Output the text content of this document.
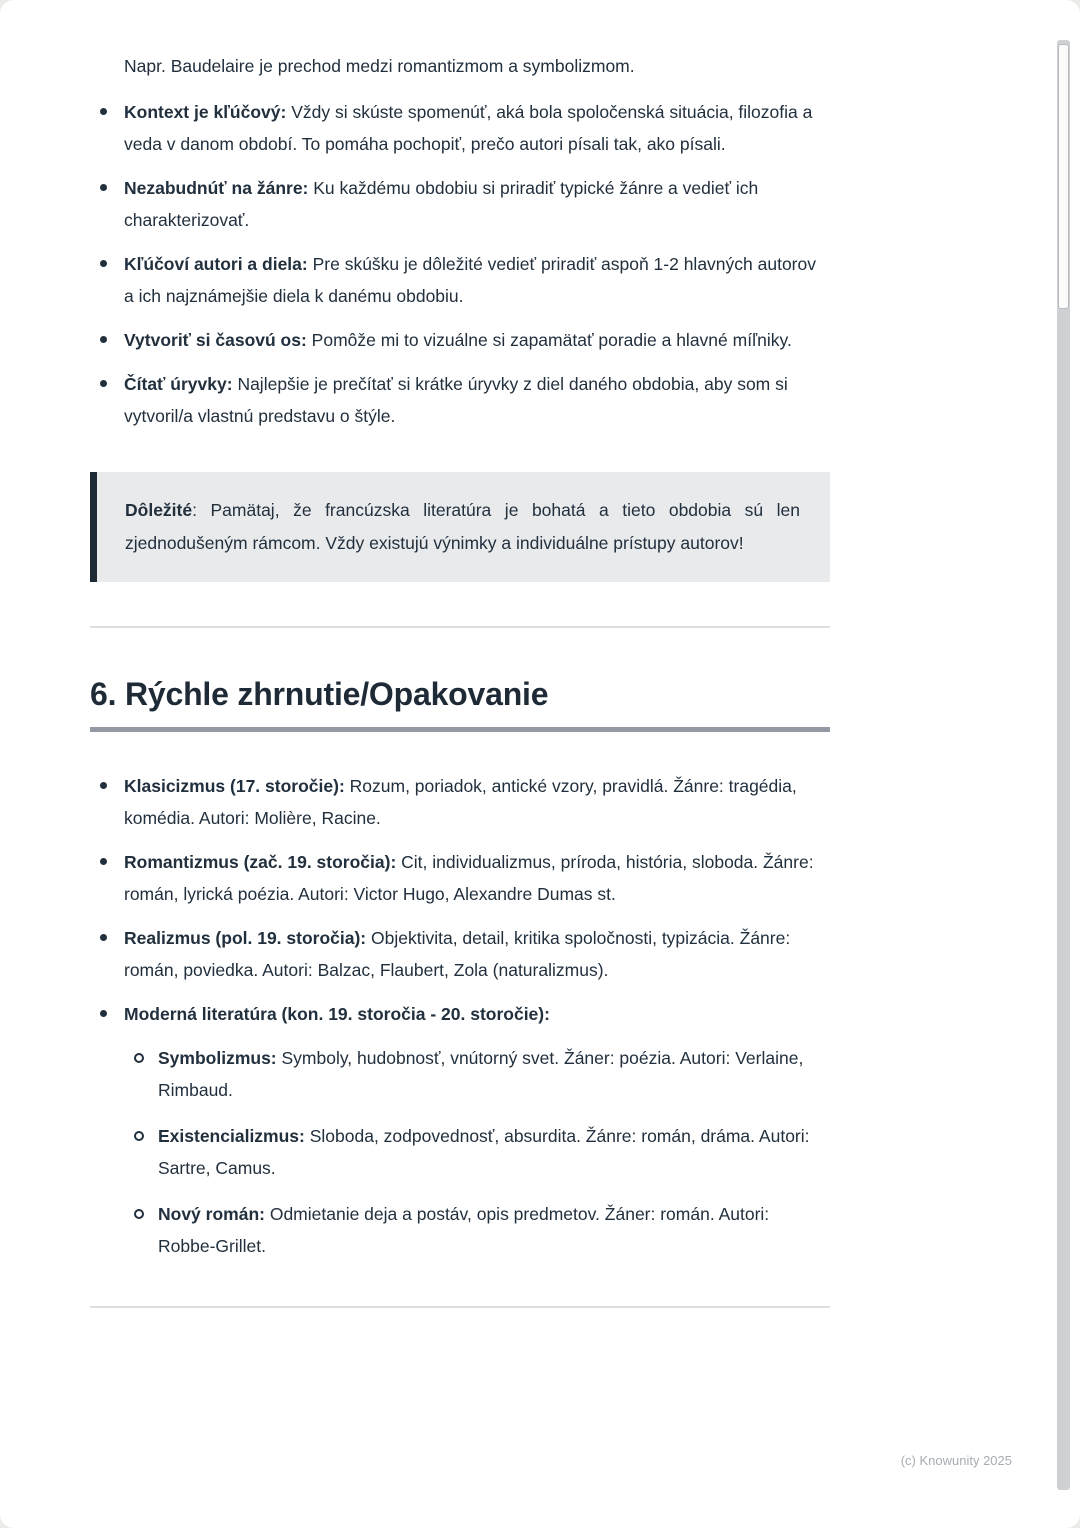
Napr. Baudelaire je prechod medzi romantizmom a symbolizmom.

Kontext je kľúčový: Vždy si skúste spomenúť, aká bola spoločenská situácia, filozofia a veda v danom období. To pomáha pochopiť, prečo autori písali tak, ako písali.
Nezabudnúť na žánre: Ku každému obdobiu si priradiť typické žánre a vedieť ich charakterizovať.
Kľúčoví autori a diela: Pre skúšku je dôležité vedieť priradiť aspoň 1-2 hlavných autorov a ich najznámejšie diela k danému obdobiu.
Vytvoriť si časovú os: Pomôže mi to vizuálne si zapamätať poradie a hlavné míľniky.
Čítať úryvky: Najlepšie je prečítať si krátke úryvky z diel daného obdobia, aby som si vytvoril/a vlastnú predstavu o štýle.

Dôležité: Pamätaj, že francúzska literatúra je bohatá a tieto obdobia sú len zjednodušeným rámcom. Vždy existujú výnimky a individuálne prístupy autorov!

6. Rýchle zhrnutie/Opakovanie
Klasicizmus (17. storočie): Rozum, poriadok, antické vzory, pravidlá. Žánre: tragédia, komédia. Autori: Molière, Racine.
Romantizmus (zač. 19. storočia): Cit, individualizmus, príroda, história, sloboda. Žánre: román, lyrická poézia. Autori: Victor Hugo, Alexandre Dumas st.
Realizmus (pol. 19. storočia): Objektivita, detail, kritika spoločnosti, typizácia. Žánre: román, poviedka. Autori: Balzac, Flaubert, Zola (naturalizmus).
Moderná literatúra (kon. 19. storočia - 20. storočie):
Symbolizmus: Symboly, hudobnosť, vnútorný svet. Žáner: poézia. Autori: Verlaine, Rimbaud.
Existencializmus: Sloboda, zodpovednosť, absurdita. Žánre: román, dráma. Autori: Sartre, Camus.
Nový román: Odmietanie deja a postáv, opis predmetov. Žáner: román. Autori: Robbe-Grillet.
(c) Knowunity 2025
